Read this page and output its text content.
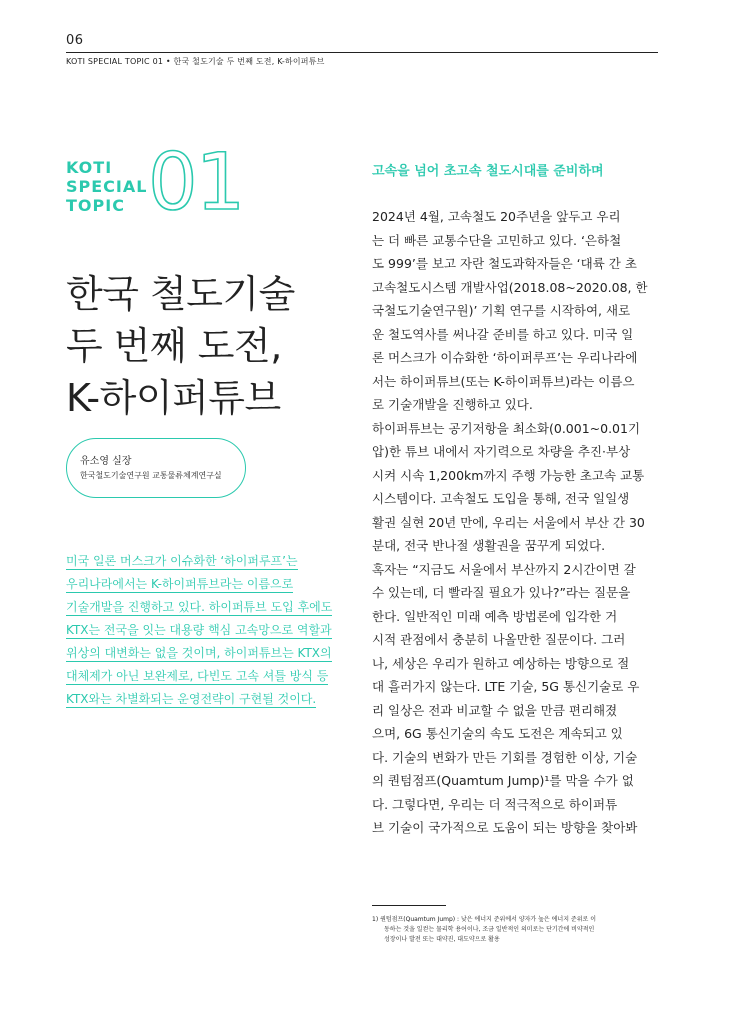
06
KOTI SPECIAL TOPIC 01 • 한국 철도기술 두 번째 도전, K-하이퍼튜브
KOTI
SPECIAL
TOPIC 01
한국 철도기술
두 번째 도전,
K-하이퍼튜브
유소영 실장
한국철도기술연구원 교통물류체계연구실
미국 일론 머스크가 이슈화한 ‘하이퍼루프’는
우리나라에서는 K-하이퍼튜브라는 이름으로
기술개발을 진행하고 있다. 하이퍼튜브 도입 후에도
KTX는 전국을 잇는 대용량 핵심 고속망으로 역할과
위상의 대변화는 없을 것이며, 하이퍼튜브는 KTX의
대체제가 아닌 보완제로, 다빈도 고속 셔틀 방식 등
KTX와는 차별화되는 운영전략이 구현될 것이다.
고속을 넘어 초고속 철도시대를 준비하며

2024년 4월, 고속철도 20주년을 앞두고 우리

는 더 빠른 교통수단을 고민하고 있다. ‘은하철

도 999’를 보고 자란 철도과학자들은 ‘대륙 간 초

고속철도시스템 개발사업(2018.08~2020.08, 한

국철도기술연구원)’ 기획 연구를 시작하여, 새로

운 철도역사를 써나갈 준비를 하고 있다. 미국 일

론 머스크가 이슈화한 ‘하이퍼루프’는 우리나라에

서는 하이퍼튜브(또는 K-하이퍼튜브)라는 이름으

로 기술개발을 진행하고 있다.

하이퍼튜브는 공기저항을 최소화(0.001~0.01기

압)한 튜브 내에서 자기력으로 차량을 추진·부상

시켜 시속 1,200km까지 주행 가능한 초고속 교통

시스템이다. 고속철도 도입을 통해, 전국 일일생

활권 실현 20년 만에, 우리는 서울에서 부산 간 30

분대, 전국 반나절 생활권을 꿈꾸게 되었다.

혹자는 “지금도 서울에서 부산까지 2시간이면 갈

수 있는데, 더 빨라질 필요가 있나?”라는 질문을

한다. 일반적인 미래 예측 방법론에 입각한 거

시적 관점에서 충분히 나올만한 질문이다. 그러

나, 세상은 우리가 원하고 예상하는 방향으로 절

대 흘러가지 않는다. LTE 기술, 5G 통신기술로 우

리 일상은 전과 비교할 수 없을 만큼 편리해졌

으며, 6G 통신기술의 속도 도전은 계속되고 있

다. 기술의 변화가 만든 기회를 경험한 이상, 기술

의 퀀텀점프(Quamtum Jump)¹를 막을 수가 없

다. 그렇다면, 우리는 더 적극적으로 하이퍼튜

브 기술이 국가적으로 도움이 되는 방향을 찾아봐

1) 퀀텀점프(Quamtum Jump) : 낮은 에너지 준위에서 양자가 높은 에너지 준위로 이
동하는 것을 일컫는 물리학 용어이나, 조금 일반적인 의미로는 단기간에 비약적인
성장이나 발전 또는 대약진, 대도약으로 활용
